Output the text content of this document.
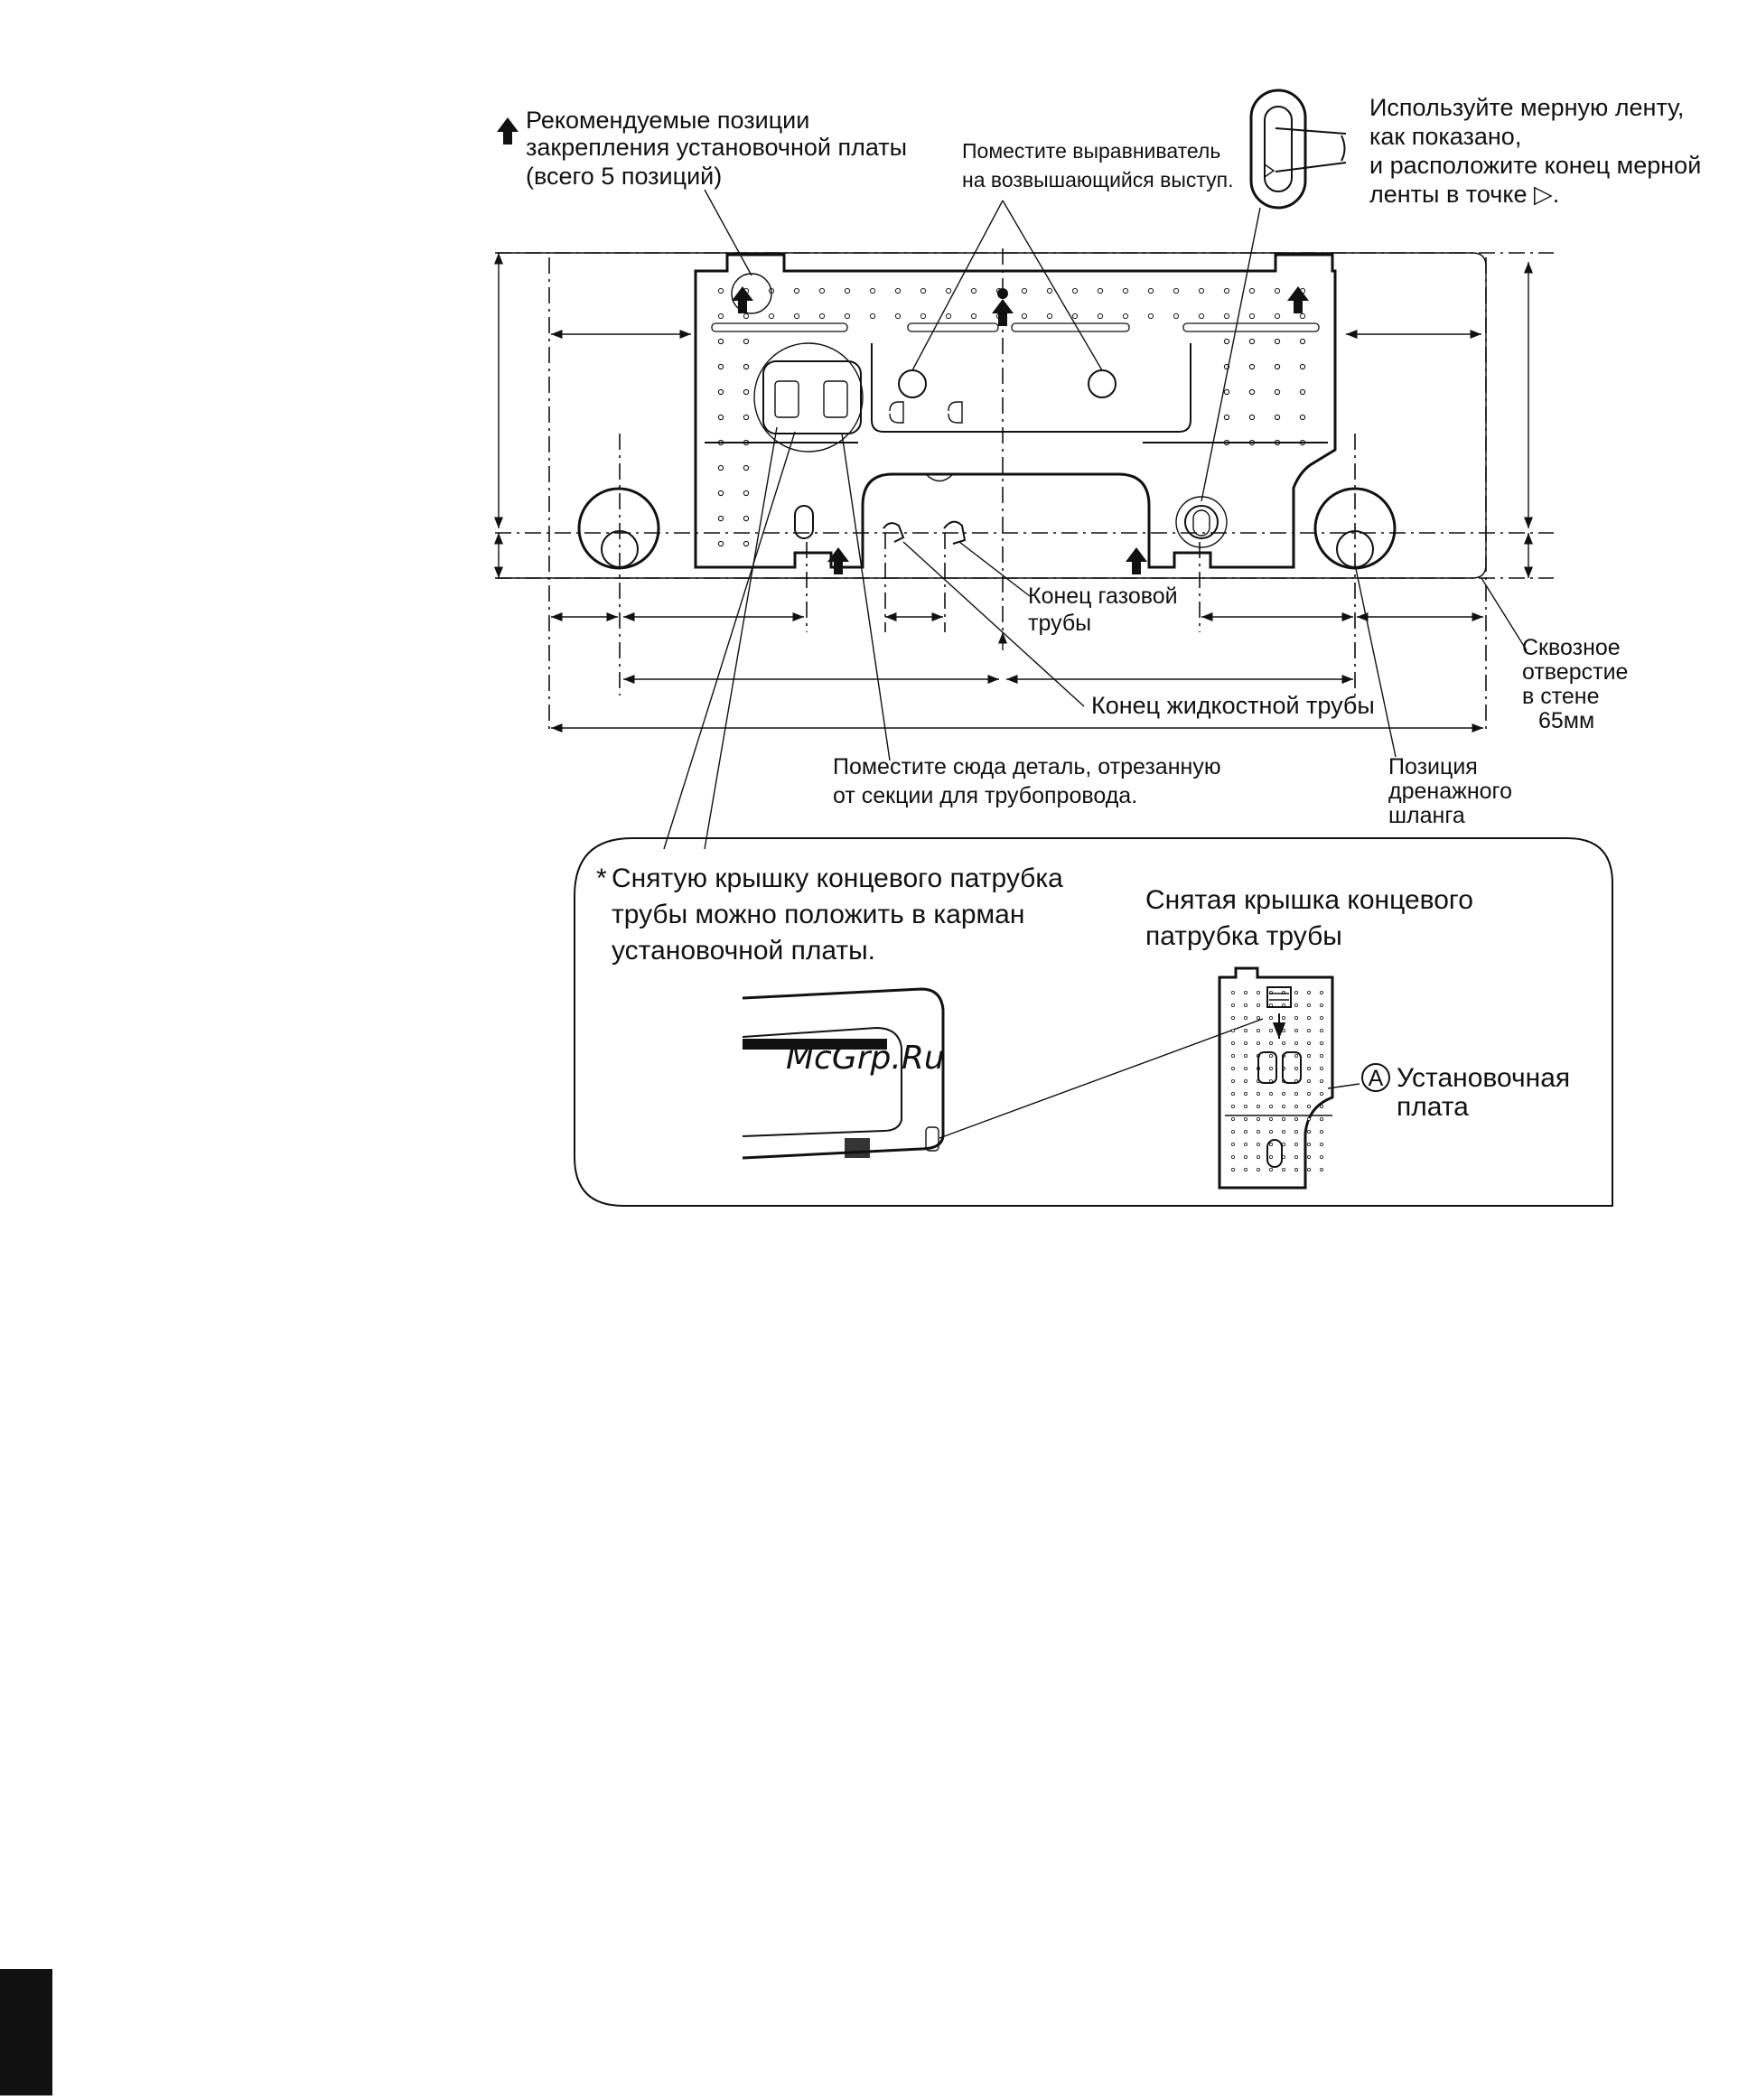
Рекомендуемые позиции
закрепления установочной платы
(всего 5 позиций)
Поместите выравниватель
на возвышающийся выступ.
Используйте мерную ленту,
как показано,
и расположите конец мерной
ленты в точке ▷.
Конец газовой
трубы
Конец жидкостной трубы
Сквозное
отверстие
в стене
65мм
Поместите сюда деталь, отрезанную
от секции для трубопровода.
Позиция
дренажного
шланга
* Снятую крышку концевого патрубка
трубы можно положить в карман
установочной платы.
Снятая крышка концевого
патрубка трубы
A Установочная
плата
McGrp.Ru
